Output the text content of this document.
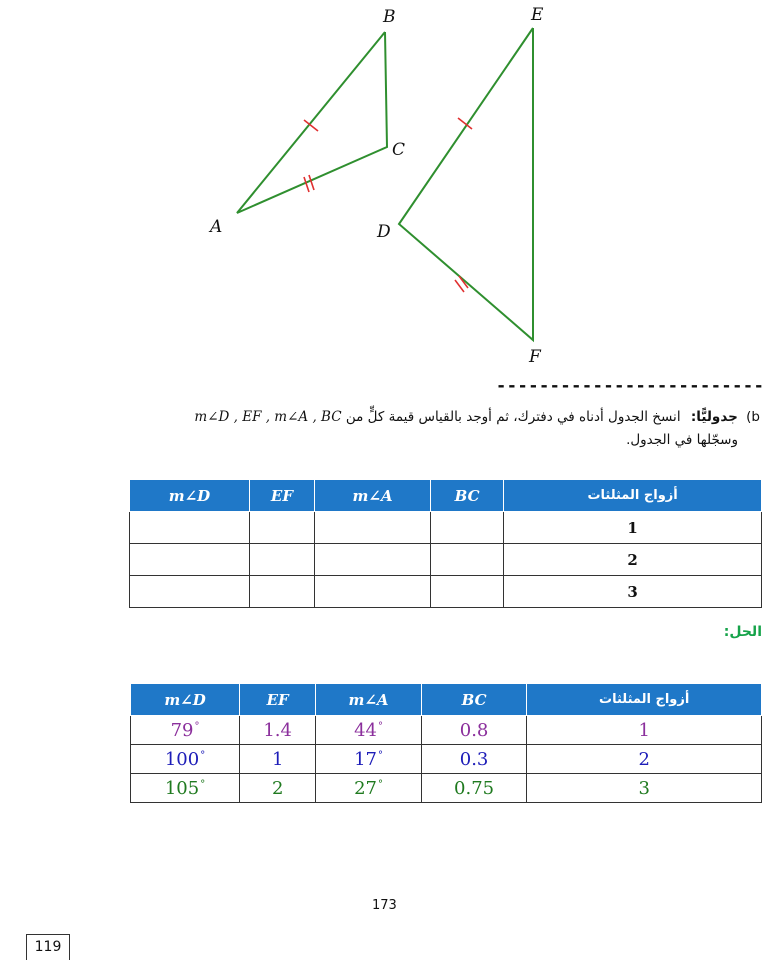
B
C
A
E
D
F
-------------------------
b) جدوليًّا: انسخ الجدول أدناه في دفترك، ثم أوجد بالقياس قيمة كلٍّ من m∠D , EF , m∠A , BC
وسجّلها في الجدول.
m∠D	EF	m∠A	BC	أزواج المثلثات
				1
				2
				3
الحل:
m∠D	EF	m∠A	BC	أزواج المثلثات
79°	1.4	44°	0.8	1
100°	1	17°	0.3	2
105°	2	27°	0.75	3
173
119
